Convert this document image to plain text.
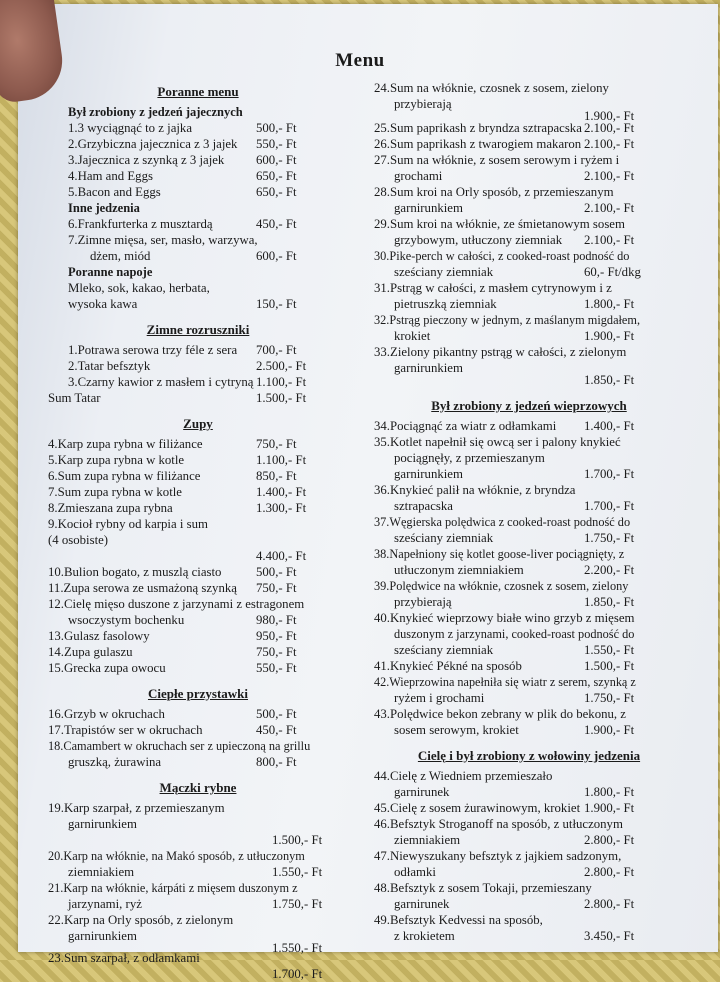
Menu
Poranne menu
Był zrobiony z jedzeń jajecznych
1.3 wyciągnąć to z jajka	500,- Ft
2.Grzybiczna jajecznica z 3 jajek	550,- Ft
3.Jajecznica z szynką z 3 jajek	600,- Ft
4.Ham and Eggs	650,- Ft
5.Bacon and Eggs	650,- Ft
Inne jedzenia
6.Frankfurterka z musztardą	450,- Ft
7.Zimne mięsa, ser, masło, warzywa,
dżem, miód	600,- Ft
Poranne napoje
Mleko, sok, kakao, herbata,
wysoka kawa	150,- Ft
Zimne rozruszniki
1.Potrawa serowa trzy féle z sera	700,- Ft
2.Tatar befsztyk	2.500,- Ft
3.Czarny kawior z masłem i cytryną 1.100,- Ft
Sum Tatar	1.500,- Ft
Zupy
4.Karp zupa rybna w filiżance	750,- Ft
5.Karp zupa rybna w kotle	1.100,- Ft
6.Sum zupa rybna w filiżance	850,- Ft
7.Sum zupa rybna w kotle	1.400,- Ft
8.Zmieszana zupa rybna	1.300,- Ft
9.Kocioł rybny od karpia i sum
(4 osobiste)
4.400,- Ft
10.Bulion bogato, z muszlą ciasto	500,- Ft
11.Zupa serowa ze usmażoną szynką	750,- Ft
12.Cielę mięso duszone z jarzynami z estragonem
wsoczystym bochenku	980,- Ft
13.Gulasz fasolowy	950,- Ft
14.Zupa gulaszu	750,- Ft
15.Grecka zupa owocu	550,- Ft
Ciepłe przystawki
16.Grzyb w okruchach	500,- Ft
17.Trapistów ser w okruchach	450,- Ft
18.Camambert w okruchach ser z upieczoną na grillu
gruszką, żurawina	800,- Ft
Mączki rybne
19.Karp szarpał, z przemieszanym
garnirunkiem
1.500,- Ft
20.Karp na włóknie, na Makó sposób, z utłuczonym
ziemniakiem	1.550,- Ft
21.Karp na włóknie, kárpáti z mięsem duszonym z
jarzynami, ryż	1.750,- Ft
22.Karp na Orly sposób, z zielonym
garnirunkiem
1.550,- Ft
23.Sum szarpał, z odłamkami
1.700,- Ft
24.Sum na włóknie, czosnek z sosem, zielony
przybierają
1.900,- Ft
25.Sum paprikash z bryndza sztrapacska 2.100,- Ft
26.Sum paprikash z twarogiem makaron 2.100,- Ft
27.Sum na włóknie, z sosem serowym i ryżem i
grochami	2.100,- Ft
28.Sum kroi na Orly sposób, z przemieszanym
garnirunkiem	2.100,- Ft
29.Sum kroi na włóknie, ze śmietanowym sosem
grzybowym, utłuczony ziemniak	2.100,- Ft
30.Pike-perch w całości, z cooked-roast podność do
sześciany ziemniak	60,- Ft/dkg
31.Pstrąg w całości, z masłem cytrynowym i z
pietruszką ziemniak	1.800,- Ft
32.Pstrąg pieczony w jednym, z maślanym migdałem,
krokiet	1.900,- Ft
33.Zielony pikantny pstrąg w całości, z zielonym
garnirunkiem
1.850,- Ft
Był zrobiony z jedzeń wieprzowych
34.Pociągnąć za wiatr z odłamkami	1.400,- Ft
35.Kotlet napełnił się owcą ser i palony knykieć
pociągnęły, z przemieszanym
garnirunkiem	1.700,- Ft
36.Knykieć palił na włóknie, z bryndza
sztrapacska	1.700,- Ft
37.Węgierska polędwica z cooked-roast podność do
sześciany ziemniak	1.750,- Ft
38.Napełniony się kotlet goose-liver pociągnięty, z
utłuczonym ziemniakiem	2.200,- Ft
39.Polędwice na włóknie, czosnek z sosem, zielony
przybierają	1.850,- Ft
40.Knykieć wieprzowy białe wino grzyb z mięsem
duszonym z jarzynami, cooked-roast podność do
sześciany ziemniak	1.550,- Ft
41.Knykieć Pékné na sposób	1.500,- Ft
42.Wieprzowina napełniła się wiatr z serem, szynką z
ryżem i grochami	1.750,- Ft
43.Polędwice bekon zebrany w plik do bekonu, z
sosem serowym, krokiet	1.900,- Ft
Cielę i był zrobiony z wołowiny jedzenia
44.Cielę z Wiedniem przemieszało
garnirunek	1.800,- Ft
45.Cielę z sosem żurawinowym, krokiet 1.900,- Ft
46.Befsztyk Stroganoff na sposób, z utłuczonym
ziemniakiem	2.800,- Ft
47.Niewyszukany befsztyk z jajkiem sadzonym,
odłamki	2.800,- Ft
48.Befsztyk z sosem Tokaji, przemieszany
garnirunek	2.800,- Ft
49.Befsztyk Kedvessi na sposób,
z krokietem	3.450,- Ft
